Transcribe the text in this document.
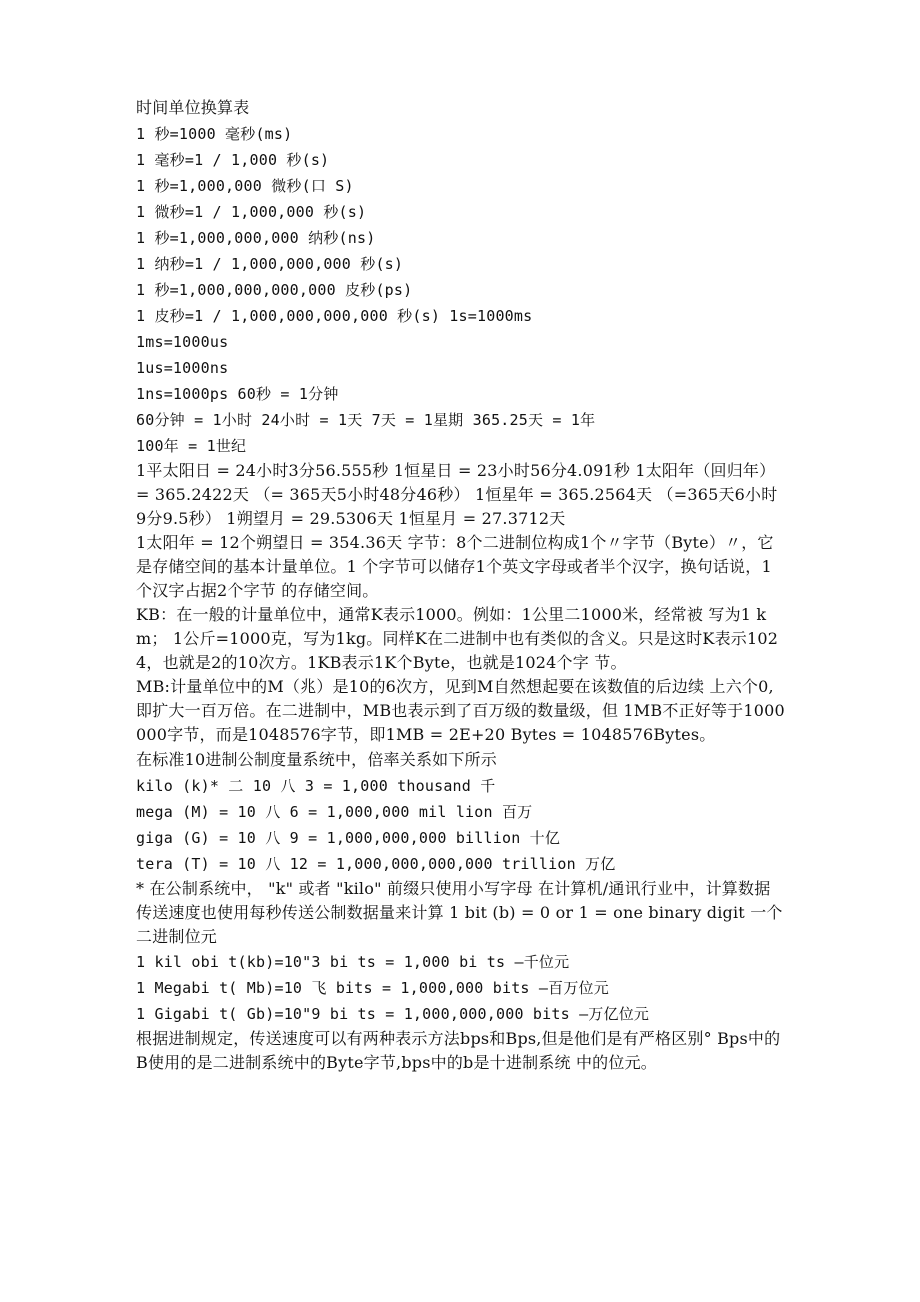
时间单位换算表
1 秒=1000 毫秒(ms)
1 毫秒=1 / 1,000 秒(s)
1 秒=1,000,000 微秒(口 S)
1 微秒=1 / 1,000,000 秒(s)
1 秒=1,000,000,000 纳秒(ns)
1 纳秒=1 / 1,000,000,000 秒(s)
1 秒=1,000,000,000,000 皮秒(ps)
1 皮秒=1 / 1,000,000,000,000 秒(s) 1s=1000ms
1ms=1000us
1us=1000ns
1ns=1000ps 60秒 = 1分钟
60分钟 = 1小时 24小时 = 1天 7天 = 1星期 365.25天 = 1年
100年 = 1世纪
1平太阳日 = 24小时3分56.555秒 1恒星日 = 23小时56分4.091秒 1太阳年（回归年） = 365.2422天 （= 365天5小时48分46秒） 1恒星年 = 365.2564天 （=365天6小时9分9.5秒） 1朔望月 = 29.5306天 1恒星月 = 27.3712天
1太阳年 = 12个朔望日 = 354.36天 字节：8个二进制位构成1个〃字节（Byte）〃，它是存储空间的基本计量单位。1 个字节可以储存1个英文字母或者半个汉字，换句话说，1个汉字占据2个字节 的存储空间。
KB：在一般的计量单位中，通常K表示1000。例如：1公里二1000米，经常被 写为1 km； 1公斤=1000克，写为1kg。同样K在二进制中也有类似的含义。只是这时K表示1024，也就是2的10次方。1KB表示1K个Byte，也就是1024个字 节。
MB:计量单位中的M（兆）是10的6次方，见到M自然想起要在该数值的后边续 上六个0,即扩大一百万倍。在二进制中，MB也表示到了百万级的数量级，但 1MB不正好等于1000000字节，而是1048576字节，即1MB = 2E+20 Bytes = 1048576Bytes。
在标准10进制公制度量系统中，倍率关系如下所示
kilo (k)* 二 10 八 3 = 1,000 thousand 千
mega (M) = 10 八 6 = 1,000,000 mil lion 百万
giga (G) = 10 八 9 = 1,000,000,000 billion 十亿
tera (T) = 10 八 12 = 1,000,000,000,000 trillion 万亿
* 在公制系统中， "k" 或者 "kilo" 前缀只使用小写字母 在计算机/通讯行业中，计算数据传送速度也使用每秒传送公制数据量来计算 1 bit (b) = 0 or 1 = one binary digit 一个二进制位元
1 kil obi t(kb)=10"3 bi ts = 1,000 bi ts —千位元
1 Megabi t( Mb)=10 飞 bits = 1,000,000 bits —百万位元
1 Gigabi t( Gb)=10"9 bi ts = 1,000,000,000 bits —万亿位元
根据进制规定，传送速度可以有两种表示方法bps和Bps,但是他们是有严格区别° Bps中的B使用的是二进制系统中的Byte字节,bps中的b是十进制系统 中的位元。
